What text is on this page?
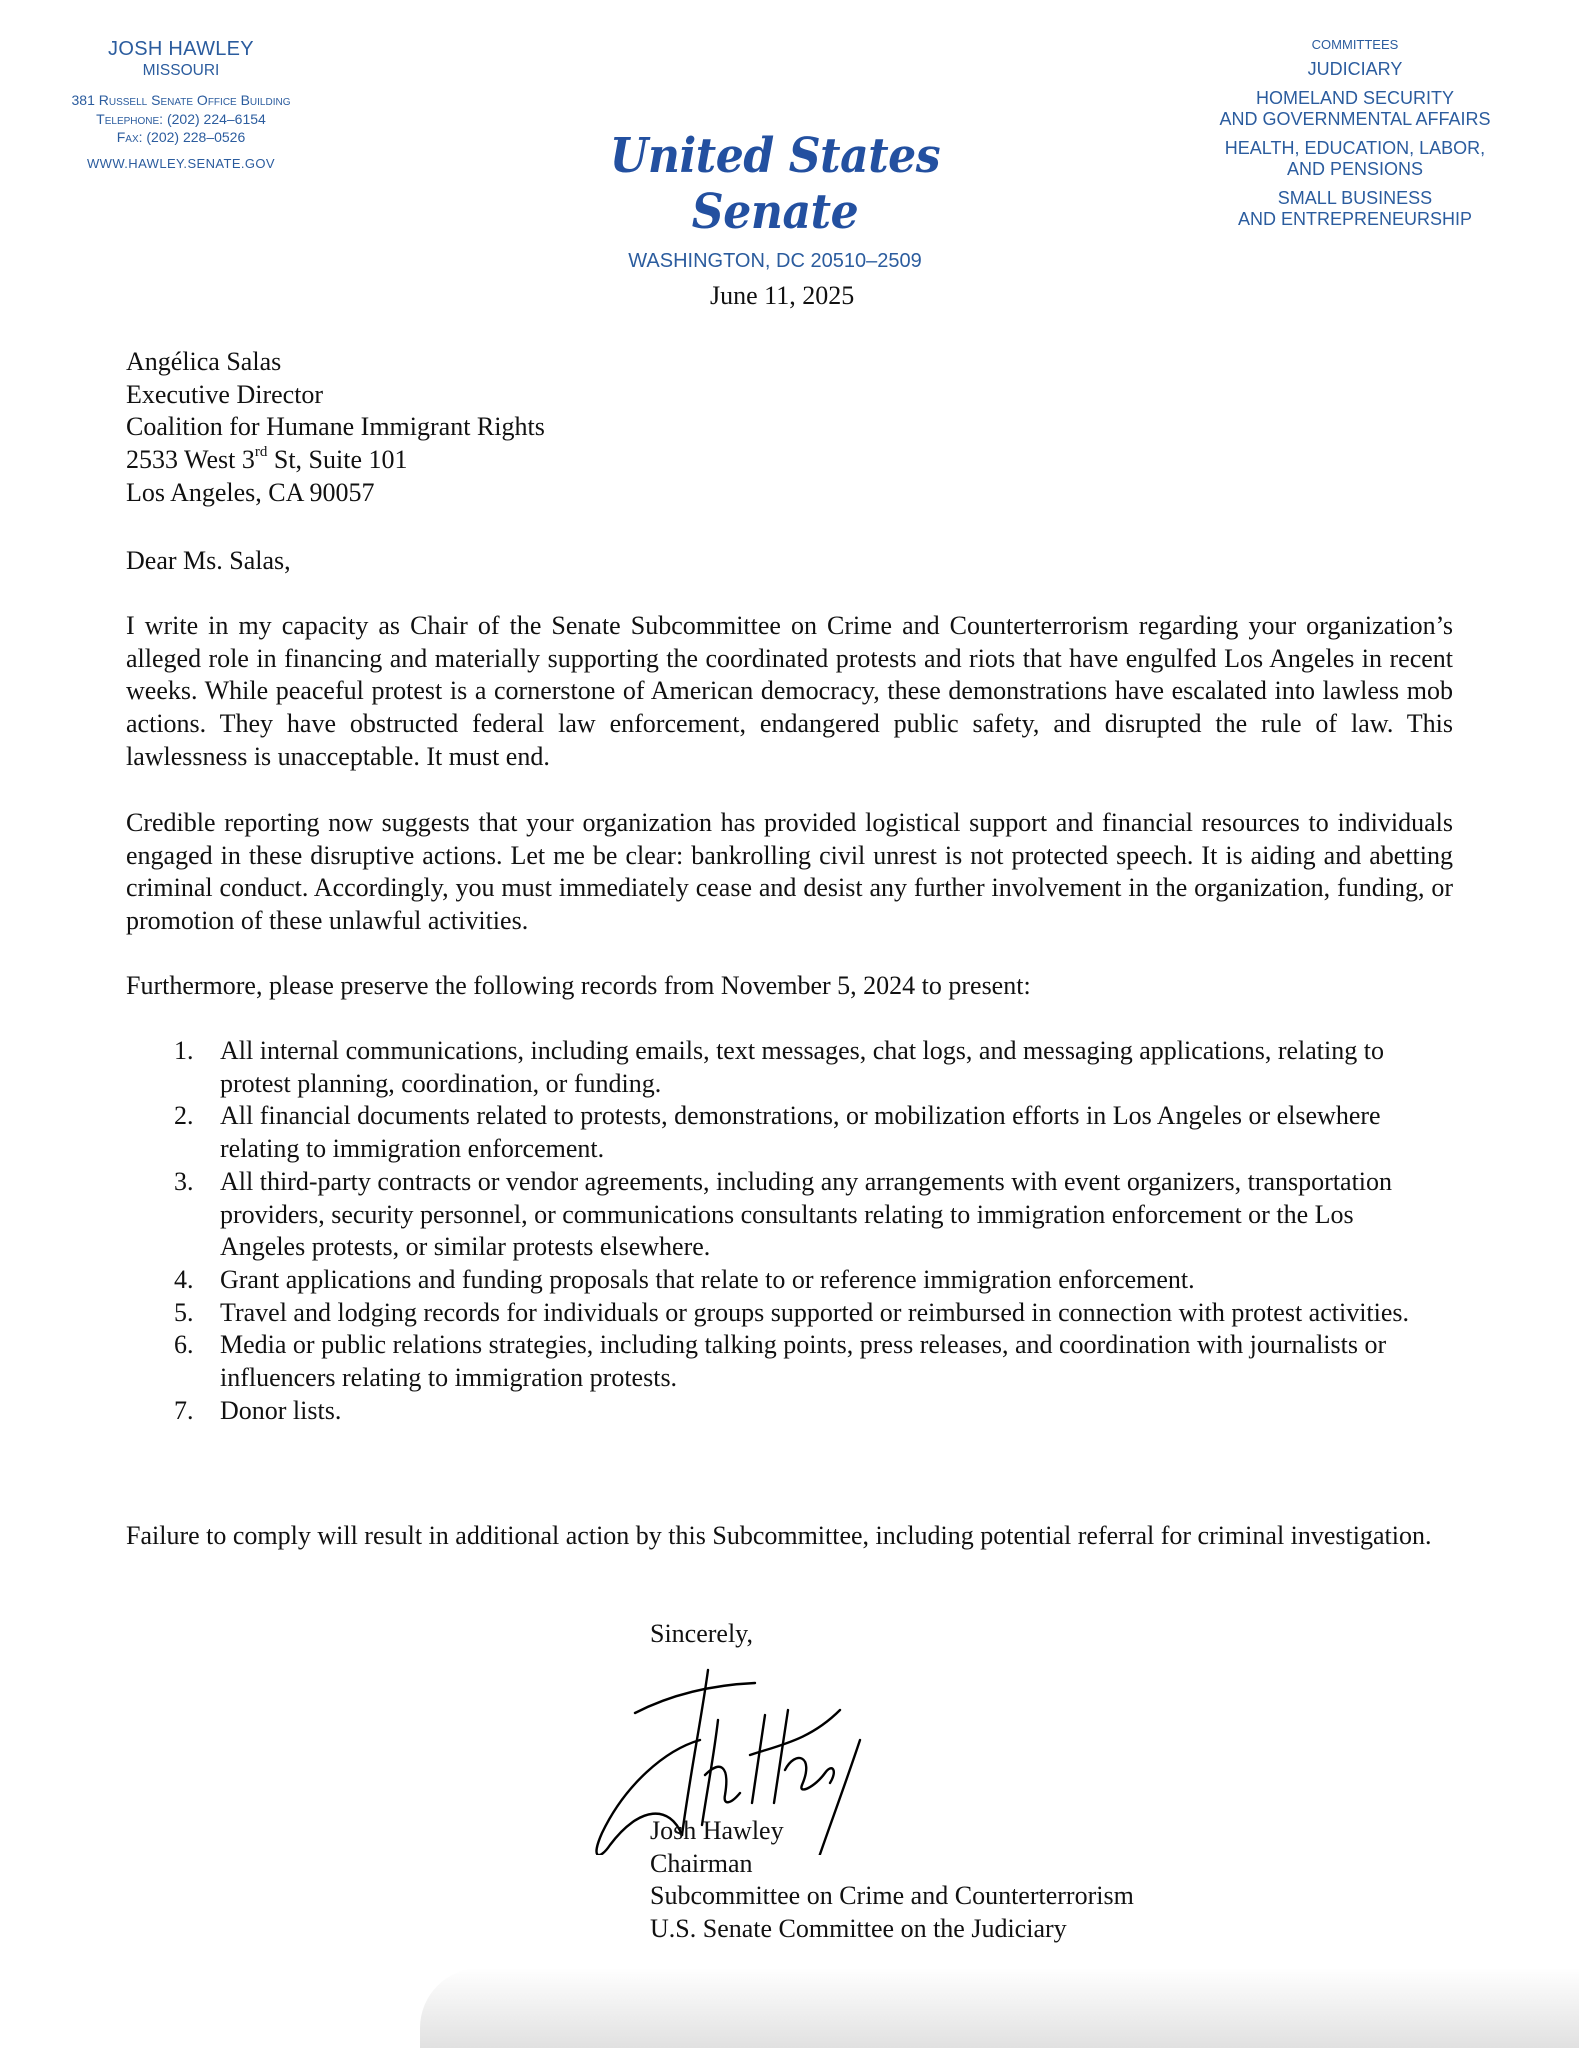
JOSH HAWLEY
MISSOURI
381 Russell Senate Office Building
Telephone: (202) 224–6154
Fax: (202) 228–0526
WWW.HAWLEY.SENATE.GOV	United States Senate
WASHINGTON, DC 20510–2509
COMMITTEES
JUDICIARY
HOMELAND SECURITY
AND GOVERNMENTAL AFFAIRS
HEALTH, EDUCATION, LABOR,
AND PENSIONS
SMALL BUSINESS
AND ENTREPRENEURSHIP
June 11, 2025
Angélica Salas
Executive Director
Coalition for Humane Immigrant Rights
2533 West 3rd St, Suite 101
Los Angeles, CA 90057
Dear Ms. Salas,

I write in my capacity as Chair of the Senate Subcommittee on Crime and Counterterrorism regarding your organization’s alleged role in financing and materially supporting the coordinated protests and riots that have engulfed Los Angeles in recent weeks. While peaceful protest is a cornerstone of American democracy, these demonstrations have escalated into lawless mob actions. They have obstructed federal law enforcement, endangered public safety, and disrupted the rule of law. This lawlessness is unacceptable. It must end.

Credible reporting now suggests that your organization has provided logistical support and financial resources to individuals engaged in these disruptive actions. Let me be clear: bankrolling civil unrest is not protected speech. It is aiding and abetting criminal conduct. Accordingly, you must immediately cease and desist any further involvement in the organization, funding, or promotion of these unlawful activities.

Furthermore, please preserve the following records from November 5, 2024 to present:

1. All internal communications, including emails, text messages, chat logs, and messaging applications, relating to protest planning, coordination, or funding.
2. All financial documents related to protests, demonstrations, or mobilization efforts in Los Angeles or elsewhere relating to immigration enforcement.
3. All third-party contracts or vendor agreements, including any arrangements with event organizers, transportation providers, security personnel, or communications consultants relating to immigration enforcement or the Los Angeles protests, or similar protests elsewhere.
4. Grant applications and funding proposals that relate to or reference immigration enforcement.
5. Travel and lodging records for individuals or groups supported or reimbursed in connection with protest activities.
6. Media or public relations strategies, including talking points, press releases, and coordination with journalists or influencers relating to immigration protests.
7. Donor lists.

Failure to comply will result in additional action by this Subcommittee, including potential referral for criminal investigation.

Sincerely,
Josh Hawley
Chairman
Subcommittee on Crime and Counterterrorism
U.S. Senate Committee on the Judiciary
